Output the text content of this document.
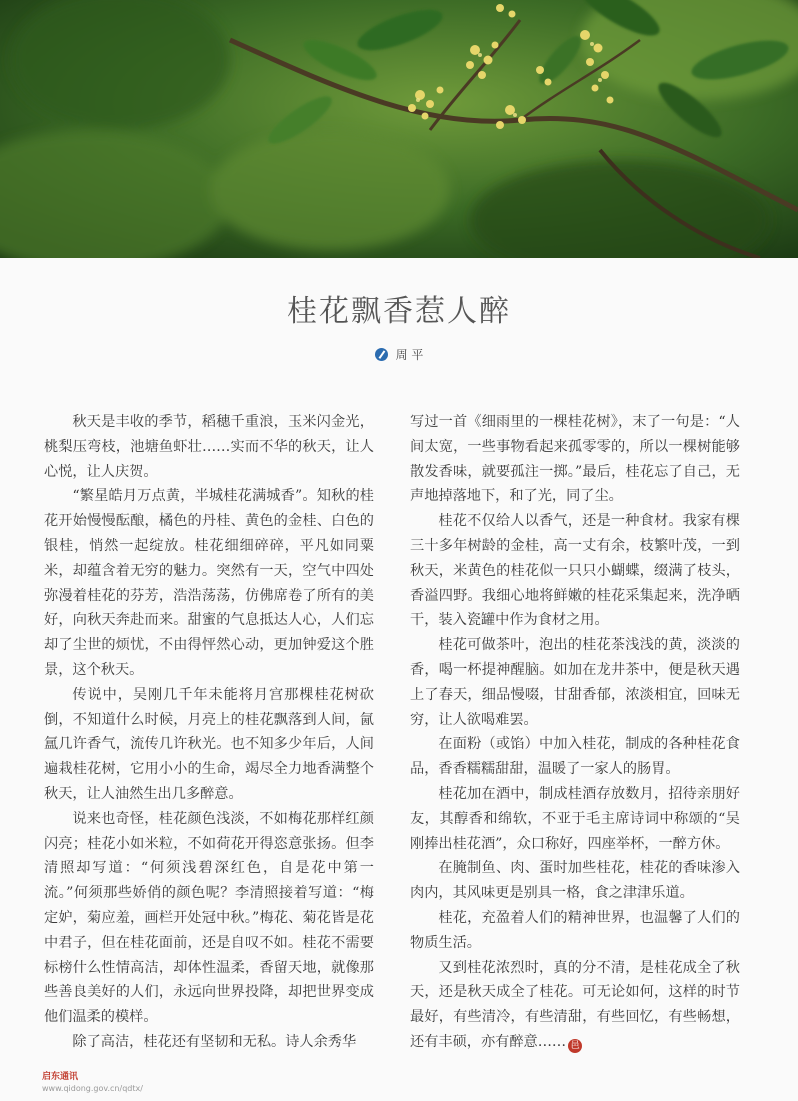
桂花飘香惹人醉
周 平

秋天是丰收的季节，稻穗千重浪，玉米闪金光，桃梨压弯枝，池塘鱼虾壮……实而不华的秋天，让人心悦，让人庆贺。

“繁星皓月万点黄，半城桂花满城香”。知秋的桂花开始慢慢酝酿，橘色的丹桂、黄色的金桂、白色的银桂，悄然一起绽放。桂花细细碎碎，平凡如同粟米，却蕴含着无穷的魅力。突然有一天，空气中四处弥漫着桂花的芬芳，浩浩荡荡，仿佛席卷了所有的美好，向秋天奔赴而来。甜蜜的气息抵达人心，人们忘却了尘世的烦忧，不由得怦然心动，更加钟爱这个胜景，这个秋天。

传说中，吴刚几千年未能将月宫那棵桂花树砍倒，不知道什么时候，月亮上的桂花飘落到人间，氤氲几许香气，流传几许秋光。也不知多少年后，人间遍栽桂花树，它用小小的生命，竭尽全力地香满整个秋天，让人油然生出几多醉意。

说来也奇怪，桂花颜色浅淡，不如梅花那样红颜闪亮；桂花小如米粒，不如荷花开得恣意张扬。但李清照却写道：“何须浅碧深红色，自是花中第一流。”何须那些娇俏的颜色呢？李清照接着写道：“梅定妒，菊应羞，画栏开处冠中秋。”梅花、菊花皆是花中君子，但在桂花面前，还是自叹不如。桂花不需要标榜什么性情高洁，却体性温柔，香留天地，就像那些善良美好的人们，永远向世界投降，却把世界变成他们温柔的模样。

除了高洁，桂花还有坚韧和无私。诗人余秀华

写过一首《细雨里的一棵桂花树》，末了一句是：“人间太宽，一些事物看起来孤零零的，所以一棵树能够散发香味，就要孤注一掷。”最后，桂花忘了自己，无声地掉落地下，和了光，同了尘。

桂花不仅给人以香气，还是一种食材。我家有棵三十多年树龄的金桂，高一丈有余，枝繁叶茂，一到秋天，米黄色的桂花似一只只小蝴蝶，缀满了枝头，香溢四野。我细心地将鲜嫩的桂花采集起来，洗净晒干，装入瓷罐中作为食材之用。

桂花可做茶叶，泡出的桂花茶浅浅的黄，淡淡的香，喝一杯提神醒脑。如加在龙井茶中，便是秋天遇上了春天，细品慢啜，甘甜香郁，浓淡相宜，回味无穷，让人欲喝难罢。

在面粉（或馅）中加入桂花，制成的各种桂花食品，香香糯糯甜甜，温暖了一家人的肠胃。

桂花加在酒中，制成桂酒存放数月，招待亲朋好友，其醇香和绵软，不亚于毛主席诗词中称颂的“吴刚捧出桂花酒”，众口称好，四座举杯，一醉方休。

在腌制鱼、肉、蛋时加些桂花，桂花的香味渗入肉内，其风味更是别具一格，食之津津乐道。

桂花，充盈着人们的精神世界，也温馨了人们的物质生活。

又到桂花浓烈时，真的分不清，是桂花成全了秋天，还是秋天成全了桂花。可无论如何，这样的时节最好，有些清冷，有些清甜，有些回忆，有些畅想，还有丰硕，亦有醉意…… 邑

启东通讯
www.qidong.gov.cn/qdtx/
